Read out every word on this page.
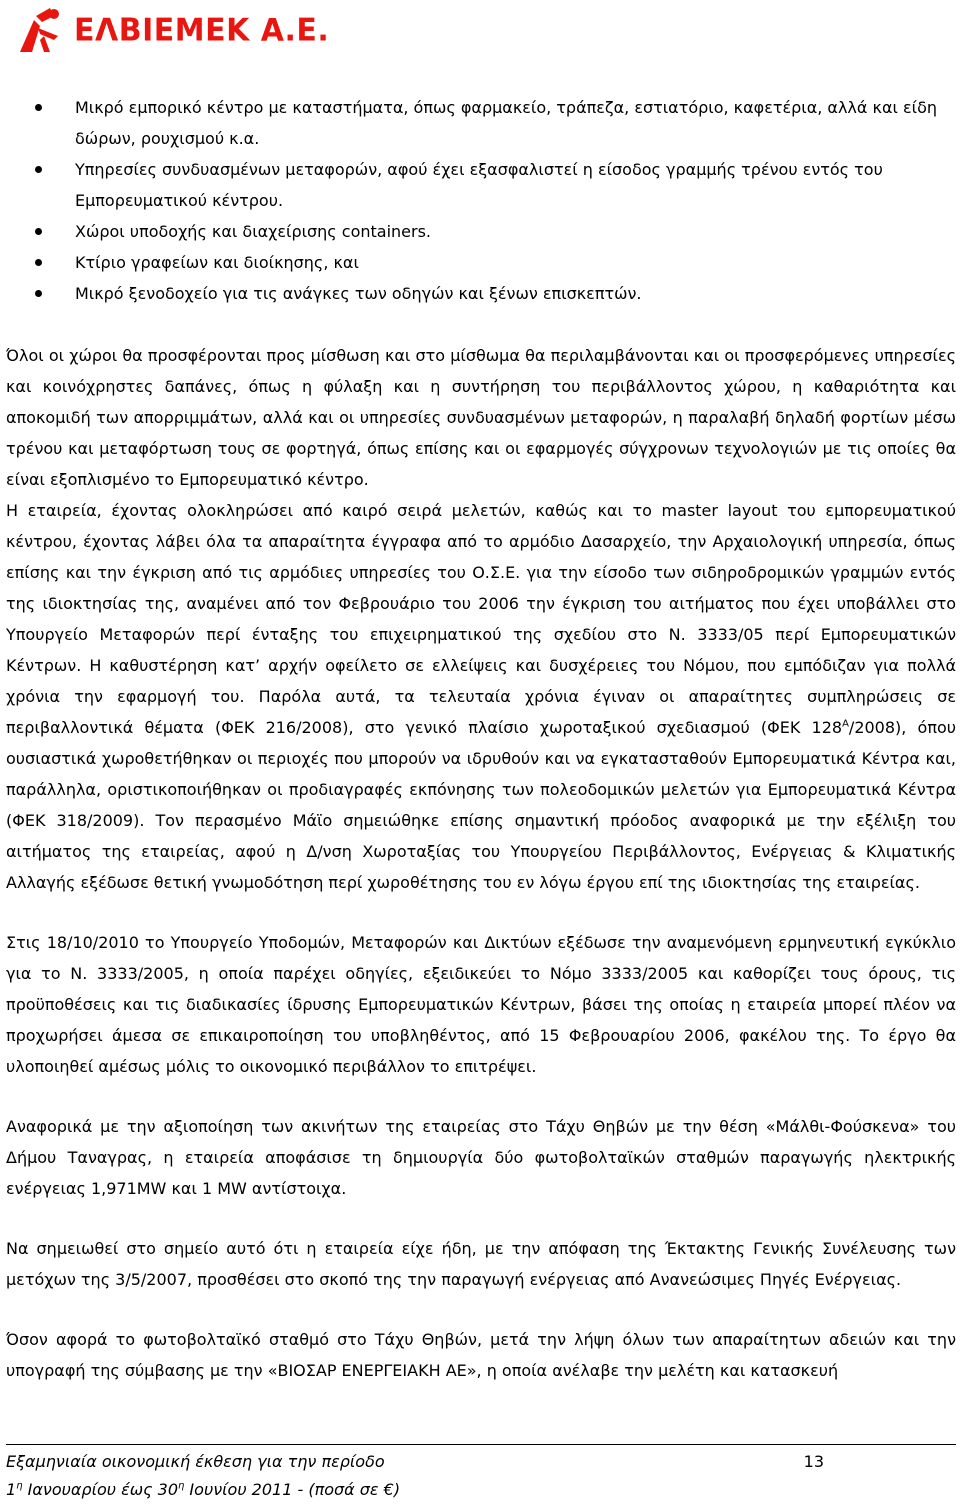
ΕΛΒΙΕΜΕΚ Α.Ε.
Μικρό εμπορικό κέντρο με καταστήματα, όπως φαρμακείο, τράπεζα, εστιατόριο, καφετέρια, αλλά και είδη δώρων, ρουχισμού κ.α.
Υπηρεσίες συνδυασμένων μεταφορών, αφού έχει εξασφαλιστεί η είσοδος γραμμής τρένου εντός του Εμπορευματικού κέντρου.
Χώροι υποδοχής και διαχείρισης containers.
Κτίριο γραφείων και διοίκησης, και
Μικρό ξενοδοχείο για τις ανάγκες των οδηγών και ξένων επισκεπτών.

Όλοι οι χώροι θα προσφέρονται προς μίσθωση και στο μίσθωμα θα περιλαμβάνονται και οι προσφερόμενες υπηρεσίες και κοινόχρηστες δαπάνες, όπως η φύλαξη και η συντήρηση του περιβάλλοντος χώρου, η καθαριότητα και αποκομιδή των απορριμμάτων, αλλά και οι υπηρεσίες συνδυασμένων μεταφορών, η παραλαβή δηλαδή φορτίων μέσω τρένου και μεταφόρτωση τους σε φορτηγά, όπως επίσης και οι εφαρμογές σύγχρονων τεχνολογιών με τις οποίες θα είναι εξοπλισμένο το Εμπορευματικό κέντρο.

Η εταιρεία, έχοντας ολοκληρώσει από καιρό σειρά μελετών, καθώς και το master layout του εμπορευματικού κέντρου, έχοντας λάβει όλα τα απαραίτητα έγγραφα από το αρμόδιο Δασαρχείο, την Αρχαιολογική υπηρεσία, όπως επίσης και την έγκριση από τις αρμόδιες υπηρεσίες του Ο.Σ.Ε. για την είσοδο των σιδηροδρομικών γραμμών εντός της ιδιοκτησίας της, αναμένει από τον Φεβρουάριο του 2006 την έγκριση του αιτήματος που έχει υποβάλλει στο Υπουργείο Μεταφορών περί ένταξης του επιχειρηματικού της σχεδίου στο Ν. 3333/05 περί Εμπορευματικών Κέντρων. Η καθυστέρηση κατ’ αρχήν οφείλετο σε ελλείψεις και δυσχέρειες του Νόμου, που εμπόδιζαν για πολλά χρόνια την εφαρμογή του. Παρόλα αυτά, τα τελευταία χρόνια έγιναν οι απαραίτητες συμπληρώσεις σε περιβαλλοντικά θέματα (ΦΕΚ 216/2008), στο γενικό πλαίσιο χωροταξικού σχεδιασμού (ΦΕΚ $128^A/2008$), όπου ουσιαστικά χωροθετήθηκαν οι περιοχές που μπορούν να ιδρυθούν και να εγκατασταθούν Εμπορευματικά Κέντρα και, παράλληλα, οριστικοποιήθηκαν οι προδιαγραφές εκπόνησης των πολεοδομικών μελετών για Εμπορευματικά Κέντρα (ΦΕΚ 318/2009). Τον περασμένο Μάϊο σημειώθηκε επίσης σημαντική πρόοδος αναφορικά με την εξέλιξη του αιτήματος της εταιρείας, αφού η Δ/νση Χωροταξίας του Υπουργείου Περιβάλλοντος, Ενέργειας & Κλιματικής Αλλαγής εξέδωσε θετική γνωμοδότηση περί χωροθέτησης του εν λόγω έργου επί της ιδιοκτησίας της εταιρείας.

Στις 18/10/2010 το Υπουργείο Υποδομών, Μεταφορών και Δικτύων εξέδωσε την αναμενόμενη ερμηνευτική εγκύκλιο για το Ν. 3333/2005, η οποία παρέχει οδηγίες, εξειδικεύει το Νόμο 3333/2005 και καθορίζει τους όρους, τις προϋποθέσεις και τις διαδικασίες ίδρυσης Εμπορευματικών Κέντρων, βάσει της οποίας η εταιρεία μπορεί πλέον να προχωρήσει άμεσα σε επικαιροποίηση του υποβληθέντος, από 15 Φεβρουαρίου 2006, φακέλου της. Το έργο θα υλοποιηθεί αμέσως μόλις το οικονομικό περιβάλλον το επιτρέψει.

Αναφορικά με την αξιοποίηση των ακινήτων της εταιρείας στο Τάχυ Θηβών με την θέση «Μάλθι-Φούσκενα» του Δήμου Ταναγρας, η εταιρεία αποφάσισε τη δημιουργία δύο φωτοβολταϊκών σταθμών παραγωγής ηλεκτρικής ενέργειας 1,971MW και 1 MW αντίστοιχα.

Να σημειωθεί στο σημείο αυτό ότι η εταιρεία είχε ήδη, με την απόφαση της Έκτακτης Γενικής Συνέλευσης των μετόχων της 3/5/2007, προσθέσει στο σκοπό της την παραγωγή ενέργειας από Ανανεώσιμες Πηγές Ενέργειας.

Όσον αφορά το φωτοβολταϊκό σταθμό στο Τάχυ Θηβών, μετά την λήψη όλων των απαραίτητων αδειών και την υπογραφή της σύμβασης με την «ΒΙΟΣΑΡ ΕΝΕΡΓΕΙΑΚΗ ΑΕ», η οποία ανέλαβε την μελέτη και κατασκευή

Εξαμηνιαία οικονομική έκθεση για την περίοδο	13
$1^\eta$ Ιανουαρίου έως $30^\eta$ Ιουνίου 2011 - (ποσά σε €)
